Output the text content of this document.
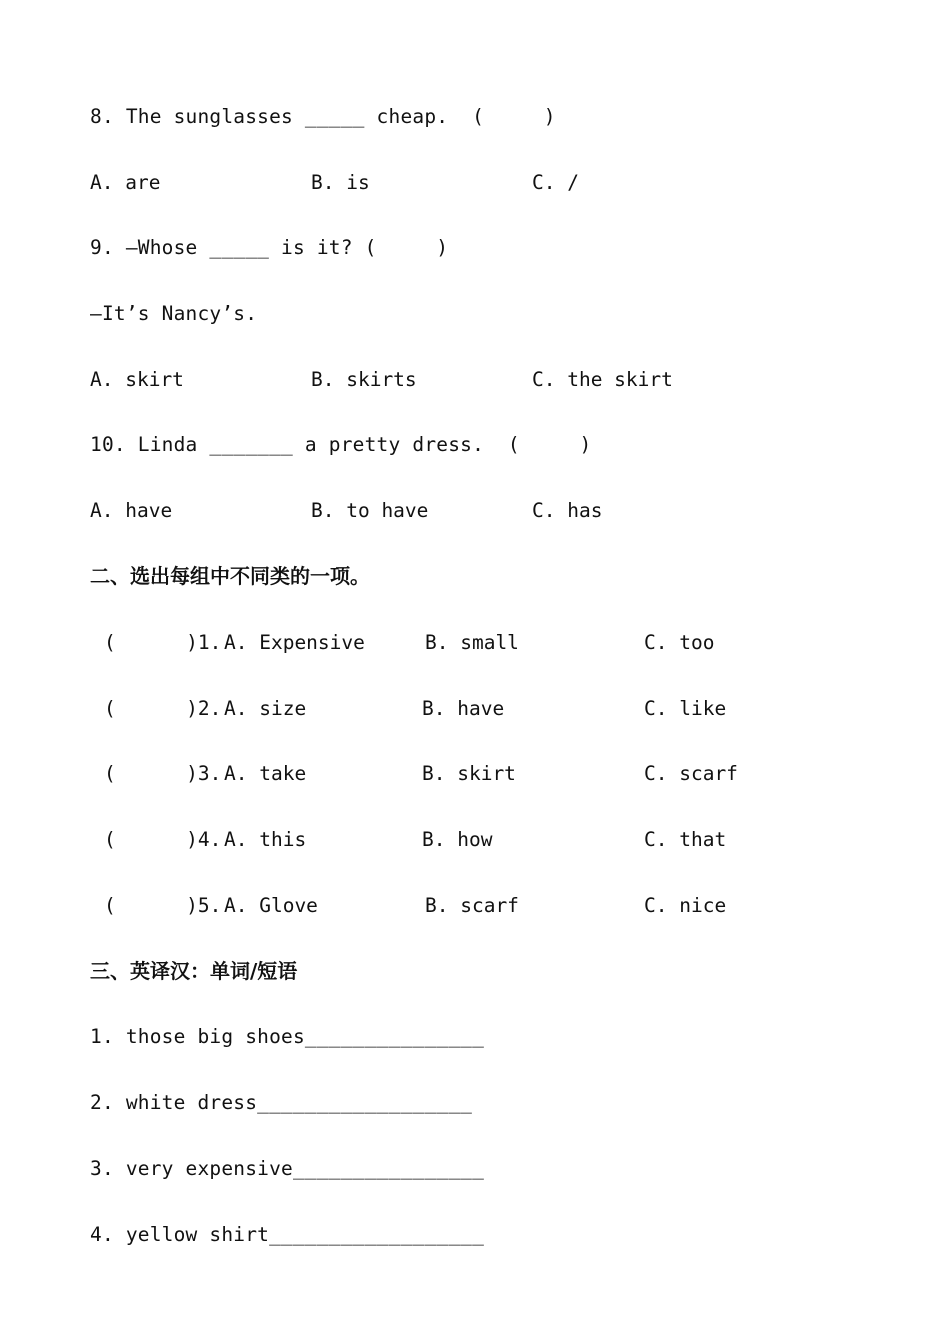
8. The sunglasses _____ cheap.  (     )
A. are	B. is	C. /
9. —Whose _____ is it? (     )
—It’s Nancy’s.
A. skirt	B. skirts	C. the skirt
10. Linda _______ a pretty dress.  (     )
A. have	B. to have	C. has
二、选出每组中不同类的一项。
(      )1. A. Expensive	B. small	C. too
(      )2. A. size	B. have	C. like
(      )3. A. take	B. skirt	C. scarf
(      )4. A. this	B. how	C. that
(      )5. A. Glove	B. scarf	C. nice
三、英译汉：单词/短语
1. those big shoes_______________
2. white dress__________________
3. very expensive________________
4. yellow shirt__________________
